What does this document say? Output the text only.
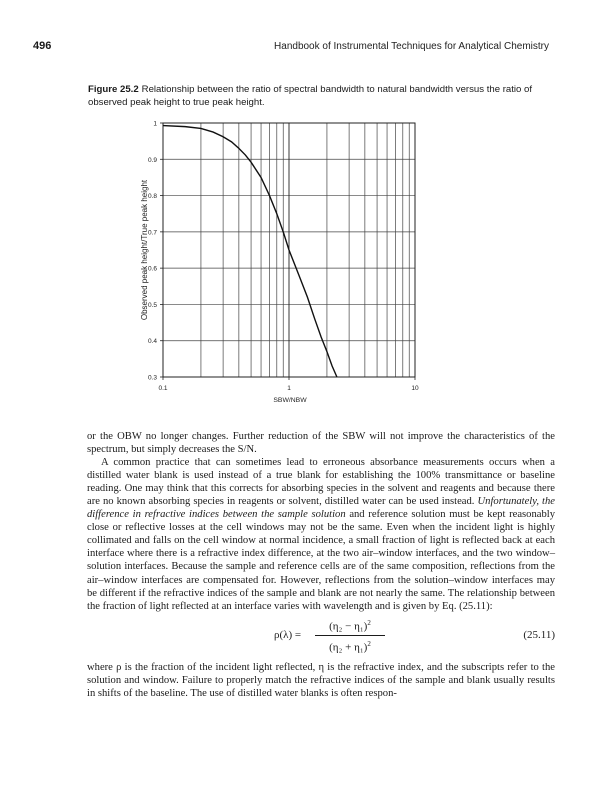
496	Handbook of Instrumental Techniques for Analytical Chemistry
Figure 25.2 Relationship between the ratio of spectral bandwidth to natural bandwidth versus the ratio of observed peak height to true peak height.
0.3
0.4
0.5
0.6
0.7
0.8
0.9
1
0.1	1	10
SBW/NBW
Observed peak height/True peak height

or the OBW no longer changes. Further reduction of the SBW will not improve the characteristics of the spectrum, but simply decreases the S/N.

A common practice that can sometimes lead to erroneous absorbance measurements occurs when a distilled water blank is used instead of a true blank for establishing the 100% transmittance or baseline reading. One may think that this corrects for absorbing species in the solvent and reagents and because there are no known absorbing species in reagents or solvent, distilled water can be used instead. Unfortunately, the difference in refractive indices between the sample solution and reference solution must be kept reasonably close or reflective losses at the cell windows may not be the same. Even when the incident light is highly collimated and falls on the cell window at normal incidence, a small fraction of light is reflected back at each interface where there is a refractive index difference, at the two air–window interfaces, and the two window–solution interfaces. Because the sample and reference cells are of the same composition, reflections from the air–window interfaces are compensated for. However, reflections from the solution–window interfaces may be different if the refractive indices of the sample and blank are not nearly the same. The relationship between the fraction of light reflected at an interface varies with wavelength and is given by Eq. (25.11):

ρ(λ) =
$(\eta_2 - \eta_1)^2$
$(\eta_2 + \eta_1)^2$
(25.11)

where ρ is the fraction of the incident light reflected, η is the refractive index, and the subscripts refer to the solution and window. Failure to properly match the refractive indices of the sample and blank usually results in shifts of the baseline. The use of distilled water blanks is often respon-
